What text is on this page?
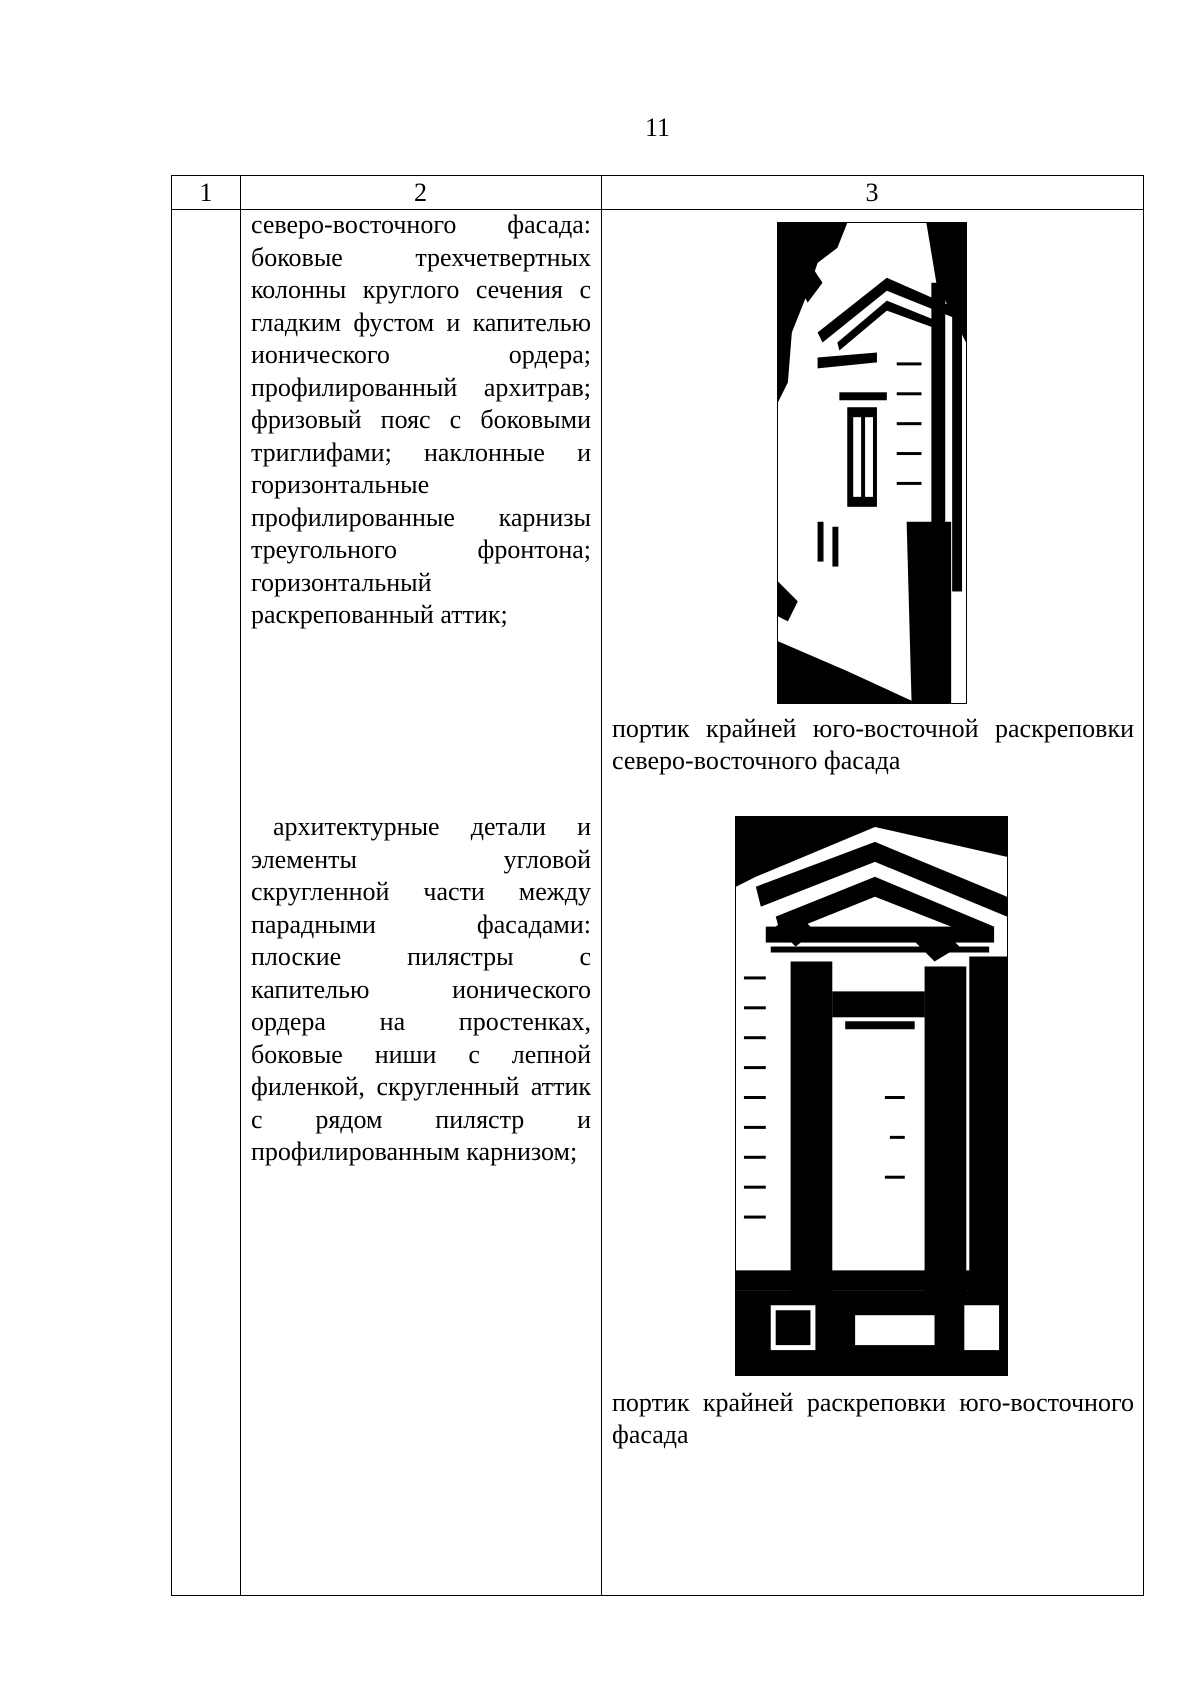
11
1	2	3
северо-восточного фасада: боковые трехчетвертных колонны круглого сечения с гладким фустом и капителью ионического ордера; профилированный архитрав; фризовый пояс с боковыми триглифами; наклонные и горизонтальные профилированные карнизы треугольного фронтона; горизонтальный раскрепованный аттик;
архитектурные детали и элементы угловой скругленной части между парадными фасадами: плоские пилястры с капителью ионического ордера на простенках, боковые ниши с лепной филенкой, скругленный аттик с рядом пилястр и профилированным карнизом;
портик крайней юго-восточной раскреповки северо-восточного фасада
портик крайней раскреповки юго-восточного фасада
